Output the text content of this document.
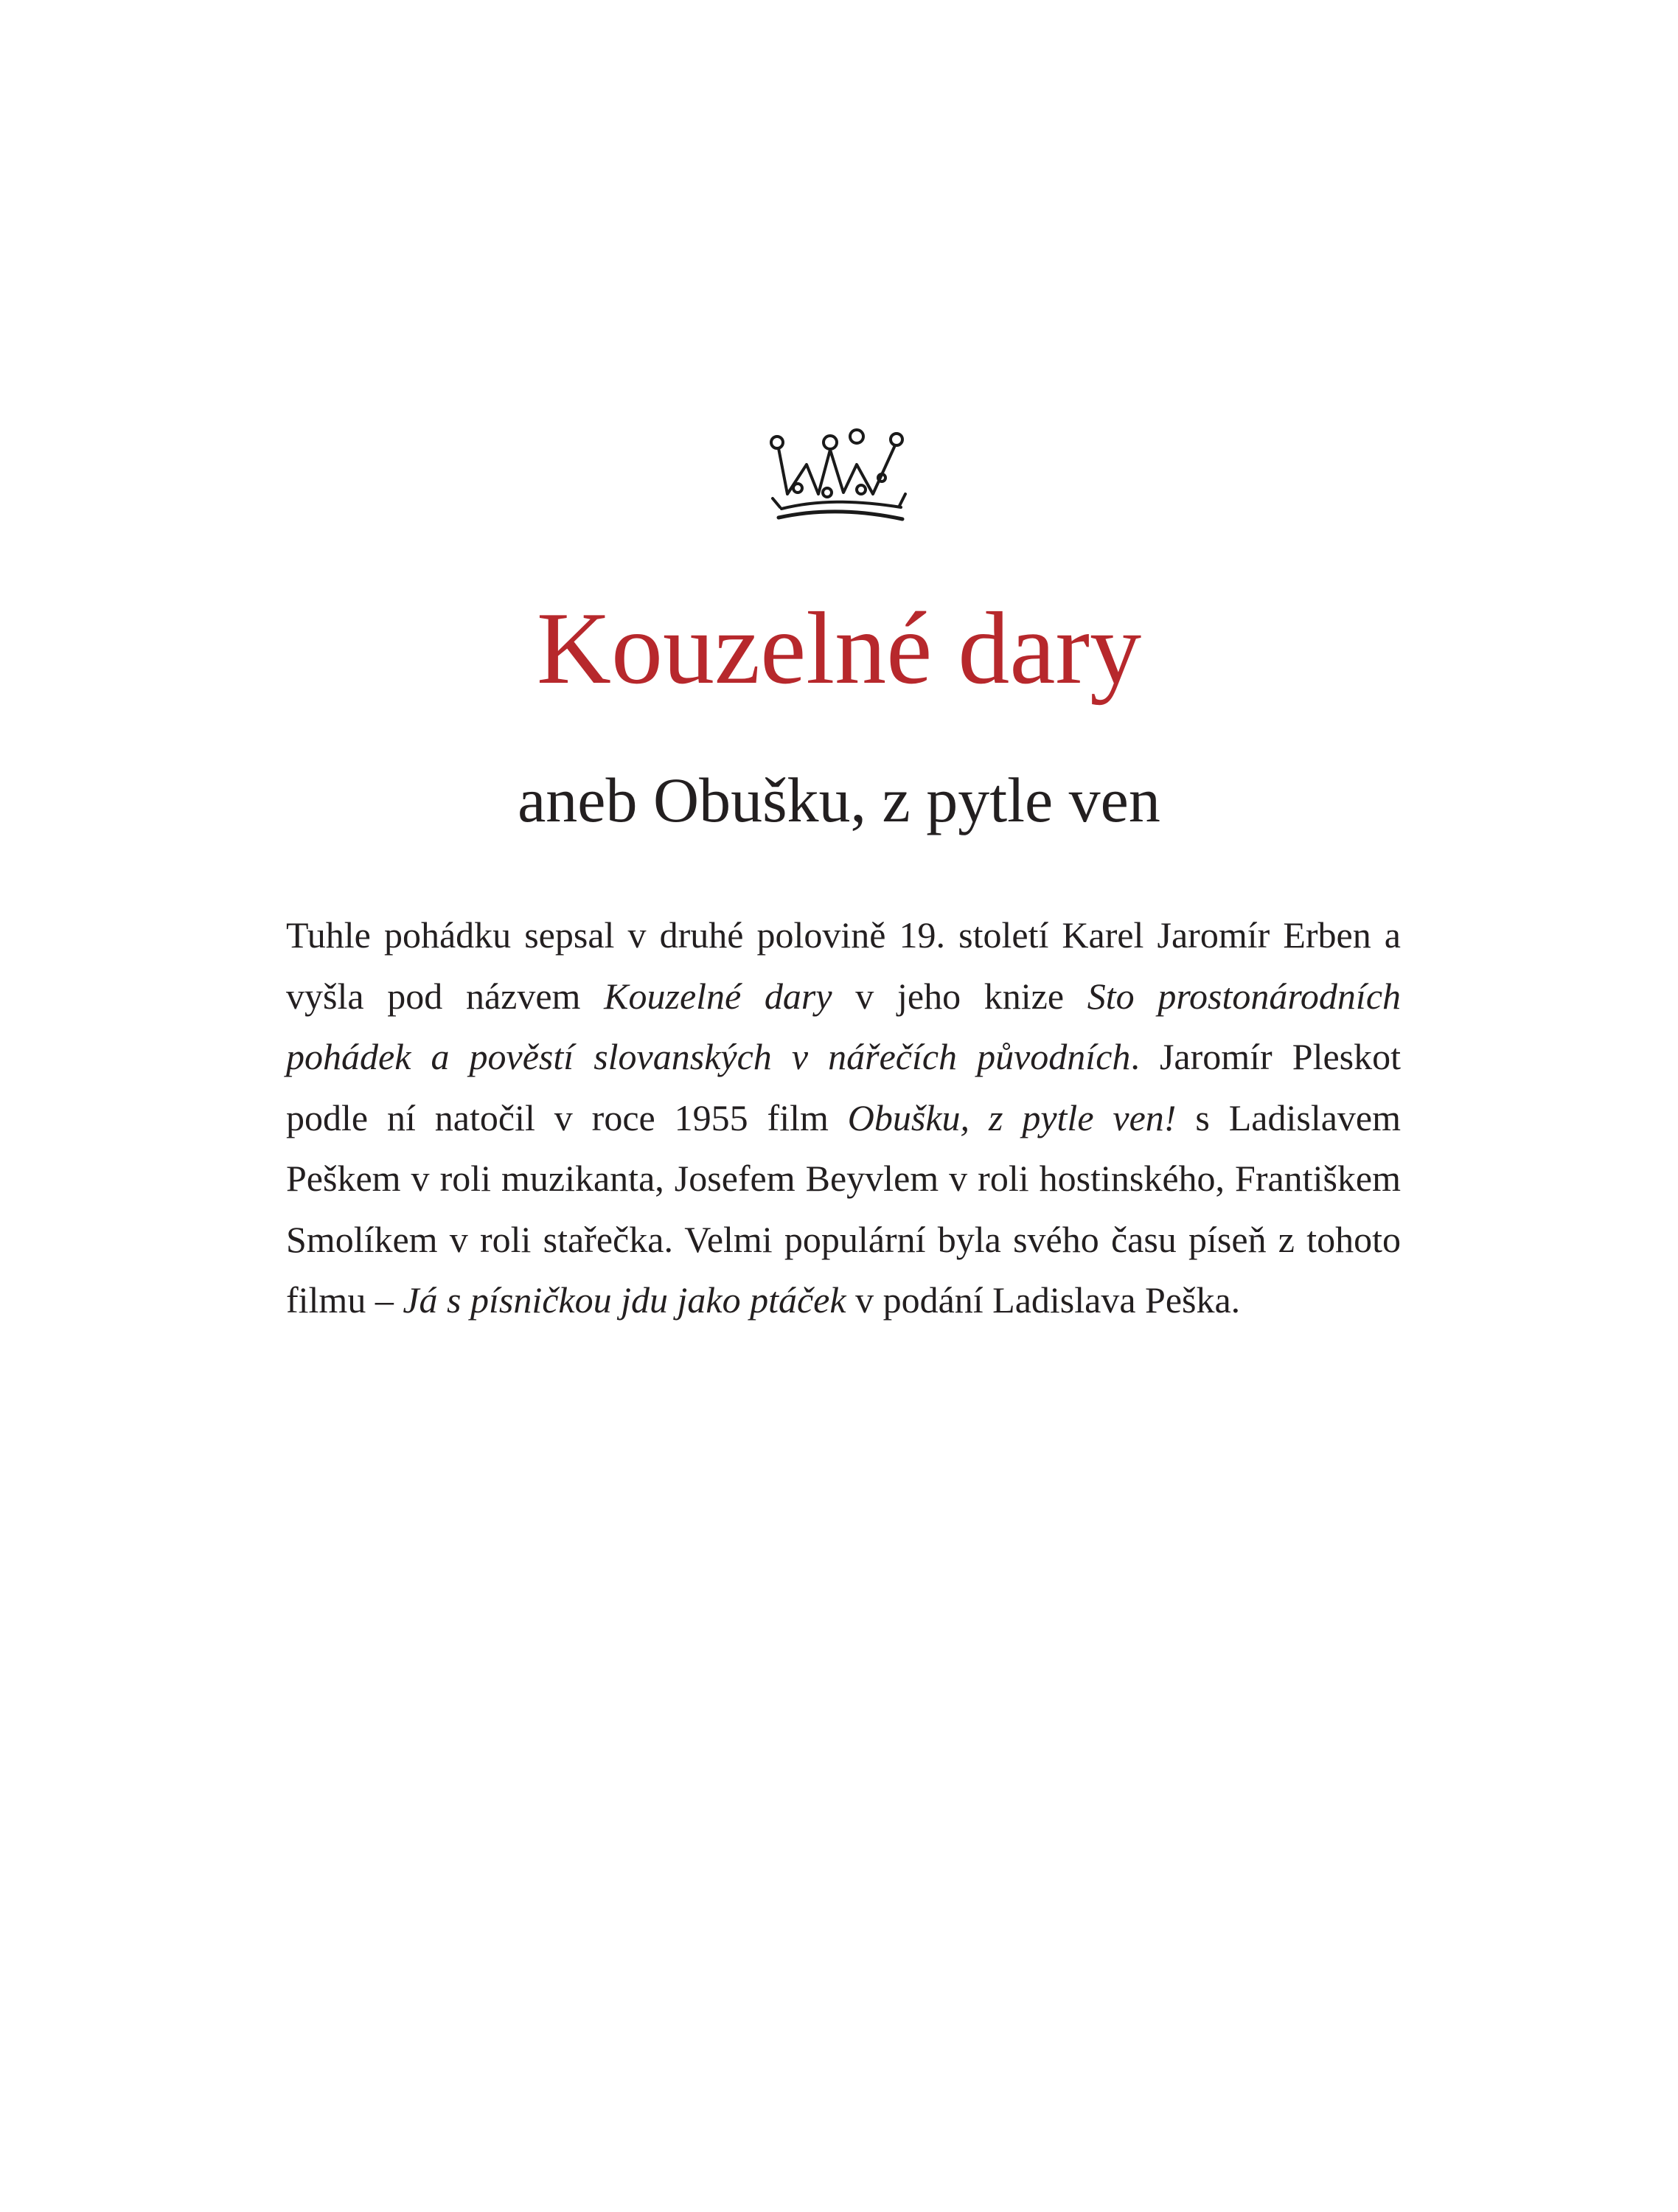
Kouzelné dary
aneb Obušku, z pytle ven

Tuhle pohádku sepsal v druhé polovině 19. století Karel Jaromír Erben a vyšla pod názvem Kouzelné dary v jeho knize Sto prostonárodních pohádek a pověstí slovanských v nářečích původních. Jaromír Pleskot podle ní natočil v roce 1955 film Obušku, z pytle ven! s Ladislavem Peškem v roli muzikanta, Josefem Beyvlem v roli hostinského, Františkem Smolíkem v roli stařečka. Velmi populární byla svého času píseň z tohoto filmu – Já s písničkou jdu jako ptáček v podání Ladislava Peška.
